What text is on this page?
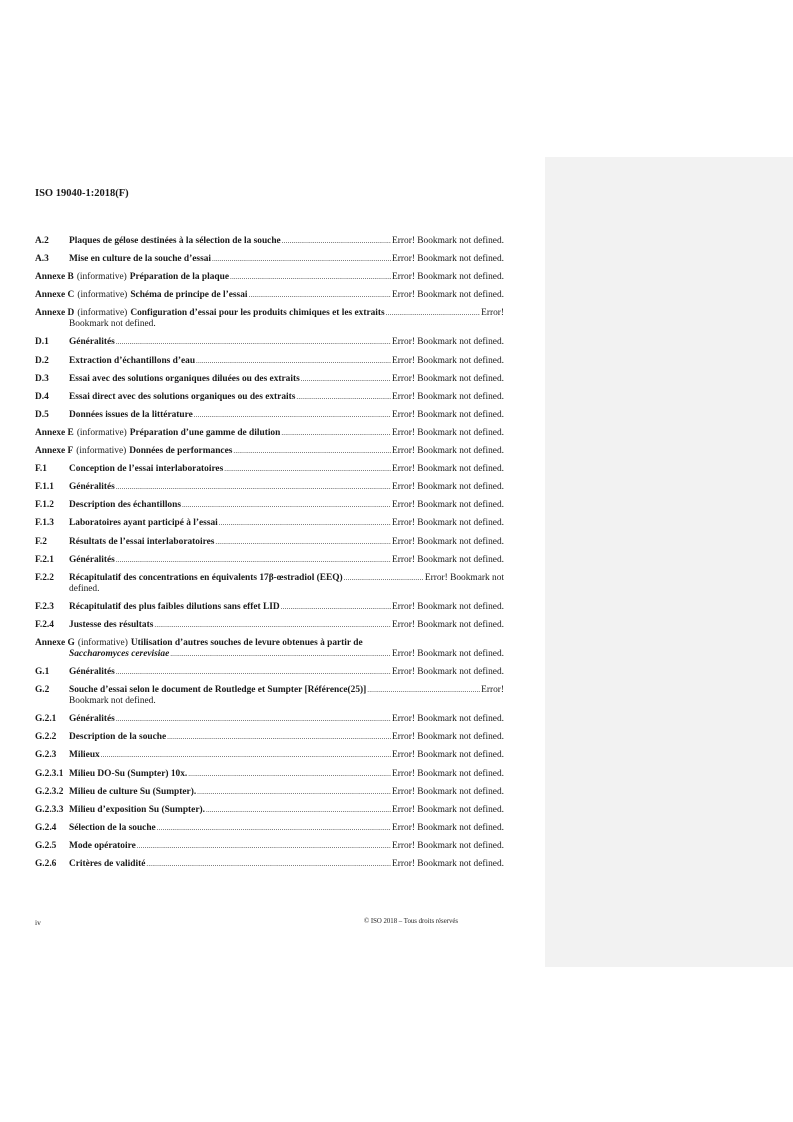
ISO 19040-1:2018(F)
A.2	Plaques de gélose destinées à la sélection de la souche .....	Error! Bookmark not defined.
A.3	Mise en culture de la souche d’essai .....	Error! Bookmark not defined.
Annexe B (informative) Préparation de la plaque .....	Error! Bookmark not defined.
Annexe C (informative) Schéma de principe de l’essai .....	Error! Bookmark not defined.
Annexe D (informative) Configuration d’essai pour les produits chimiques et les extraits .....	Error!
Bookmark not defined.
D.1	Généralités .....	Error! Bookmark not defined.
D.2	Extraction d’échantillons d’eau .....	Error! Bookmark not defined.
D.3	Essai avec des solutions organiques diluées ou des extraits .....	Error! Bookmark not defined.
D.4	Essai direct avec des solutions organiques ou des extraits .....	Error! Bookmark not defined.
D.5	Données issues de la littérature .....	Error! Bookmark not defined.
Annexe E (informative) Préparation d’une gamme de dilution .....	Error! Bookmark not defined.
Annexe F (informative) Données de performances .....	Error! Bookmark not defined.
F.1	Conception de l’essai interlaboratoires .....	Error! Bookmark not defined.
F.1.1	Généralités .....	Error! Bookmark not defined.
F.1.2	Description des échantillons .....	Error! Bookmark not defined.
F.1.3	Laboratoires ayant participé à l’essai .....	Error! Bookmark not defined.
F.2	Résultats de l’essai interlaboratoires .....	Error! Bookmark not defined.
F.2.1	Généralités .....	Error! Bookmark not defined.
F.2.2	Récapitulatif des concentrations en équivalents 17β-œstradiol (EEQ) .....	Error! Bookmark not
defined.
F.2.3	Récapitulatif des plus faibles dilutions sans effet LID .....	Error! Bookmark not defined.
F.2.4	Justesse des résultats .....	Error! Bookmark not defined.
Annexe G (informative) Utilisation d’autres souches de levure obtenues à partir de
Saccharomyces cerevisiae .....	Error! Bookmark not defined.
G.1	Généralités .....	Error! Bookmark not defined.
G.2	Souche d’essai selon le document de Routledge et Sumpter [Référence(25)] .....	Error!
Bookmark not defined.
G.2.1	Généralités .....	Error! Bookmark not defined.
G.2.2	Description de la souche .....	Error! Bookmark not defined.
G.2.3	Milieux .....	Error! Bookmark not defined.
G.2.3.1 Milieu DO-Su (Sumpter) 10x. .....	Error! Bookmark not defined.
G.2.3.2 Milieu de culture Su (Sumpter). .....	Error! Bookmark not defined.
G.2.3.3 Milieu d’exposition Su (Sumpter). .....	Error! Bookmark not defined.
G.2.4	Sélection de la souche .....	Error! Bookmark not defined.
G.2.5	Mode opératoire .....	Error! Bookmark not defined.
G.2.6	Critères de validité .....	Error! Bookmark not defined.
iv	© ISO 2018 – Tous droits réservés
